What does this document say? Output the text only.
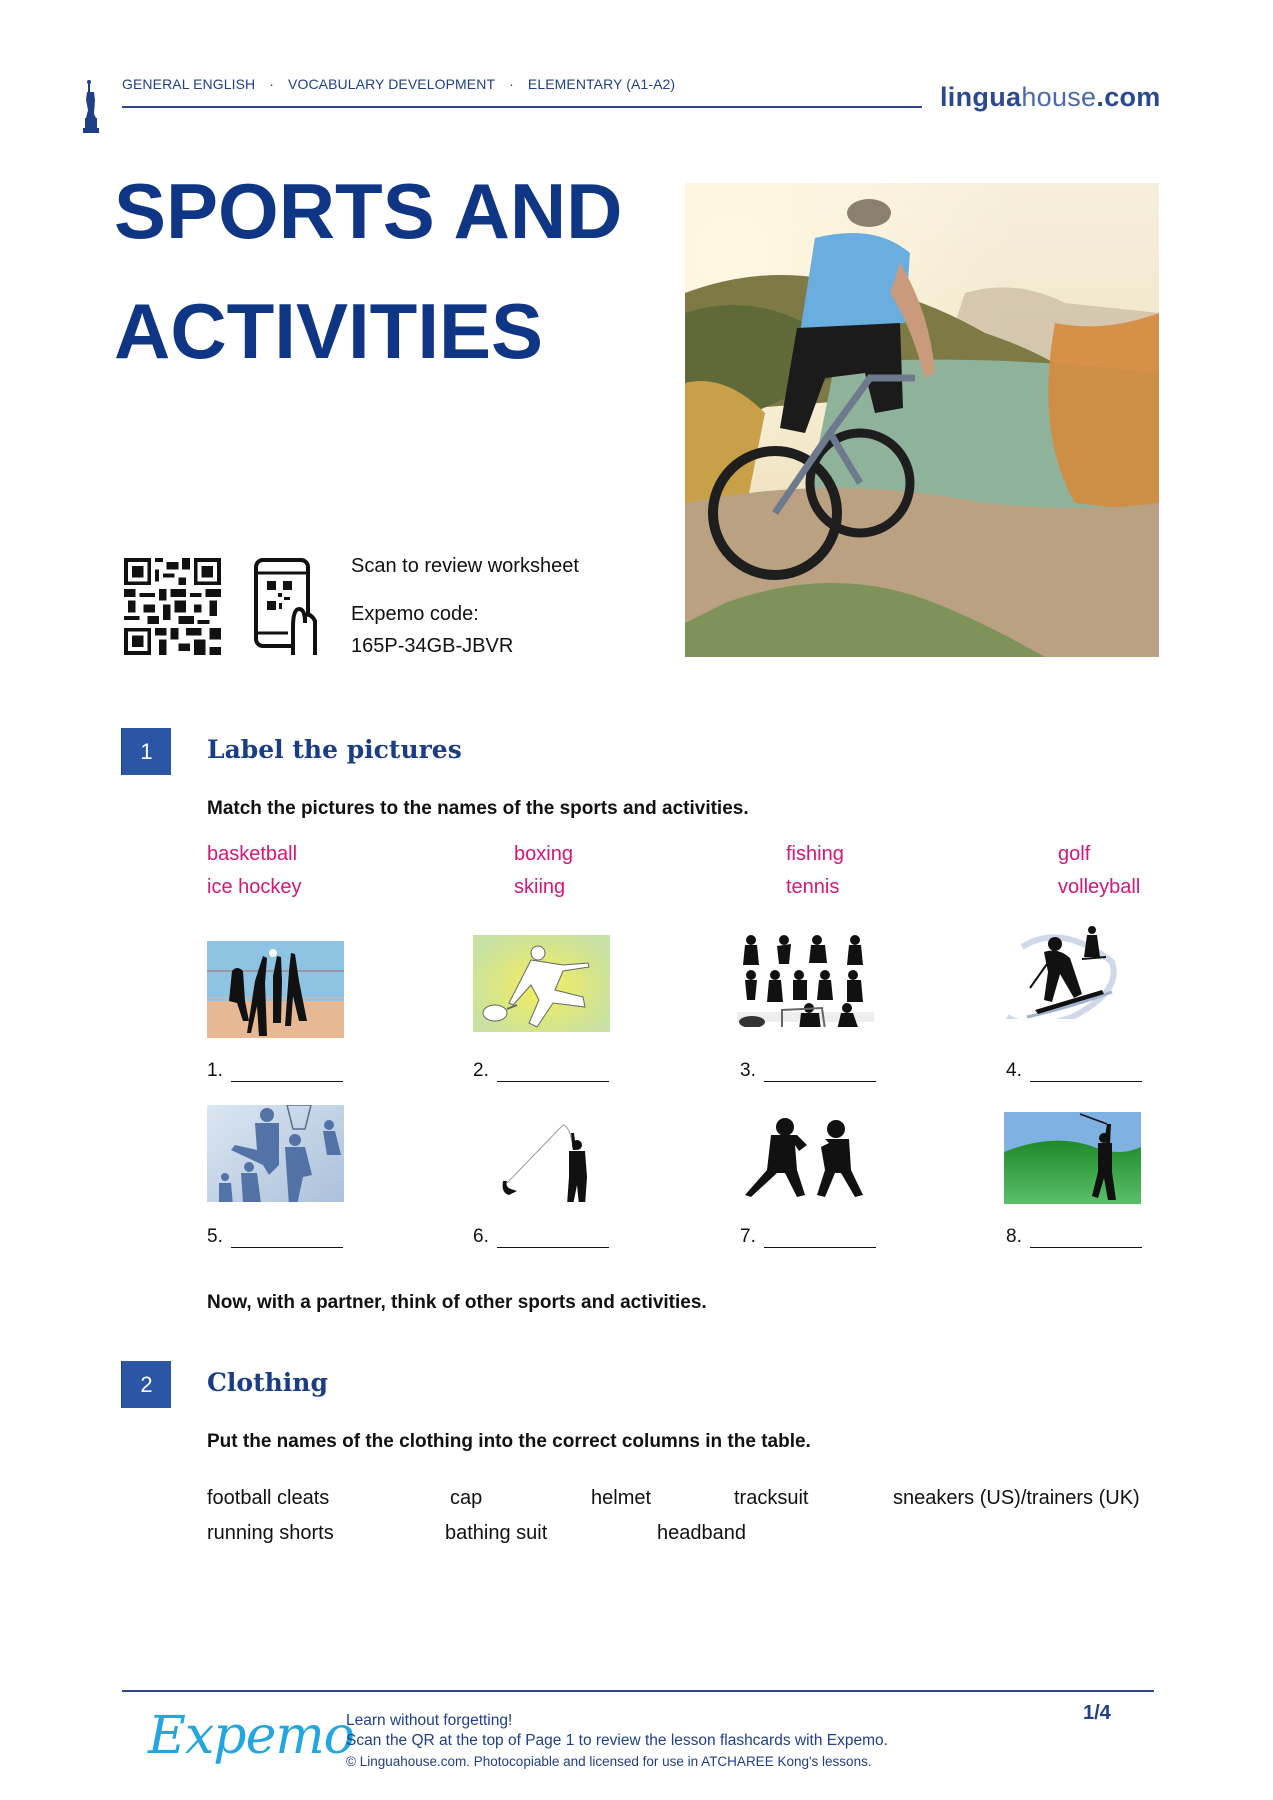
GENERAL ENGLISH · VOCABULARY DEVELOPMENT · ELEMENTARY (A1-A2)	linguahouse.com
SPORTS AND
ACTIVITIES
Scan to review worksheet
Expemo code:
165P-34GB-JBVR
1	Label the pictures
Match the pictures to the names of the sports and activities.
basketball	boxing	fishing	golf
ice hockey	skiing	tennis	volleyball
1.	2.	3.	4.
5.	6.	7.	8.
Now, with a partner, think of other sports and activities.
2	Clothing
Put the names of the clothing into the correct columns in the table.
football cleats	cap	helmet	tracksuit	sneakers (US)/trainers (UK)
running shorts	bathing suit	headband
Expemo
Learn without forgetting!
Scan the QR at the top of Page 1 to review the lesson flashcards with Expemo.
© Linguahouse.com. Photocopiable and licensed for use in ATCHAREE Kong's lessons.
1/4
